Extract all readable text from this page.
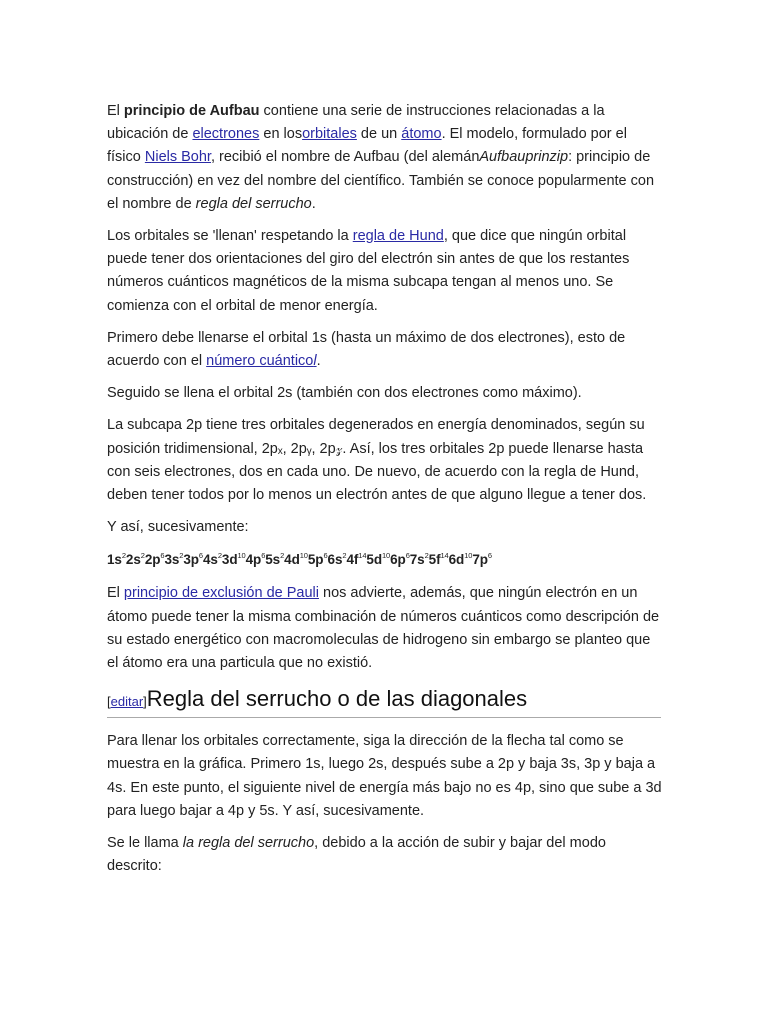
El principio de Aufbau contiene una serie de instrucciones relacionadas a la ubicación de electrones en losorbitales de un átomo. El modelo, formulado por el físico Niels Bohr, recibió el nombre de Aufbau (del alemánAufbauprinzip: principio de construcción) en vez del nombre del científico. También se conoce popularmente con el nombre de regla del serrucho.

Los orbitales se 'llenan' respetando la regla de Hund, que dice que ningún orbital puede tener dos orientaciones del giro del electrón sin antes de que los restantes números cuánticos magnéticos de la misma subcapa tengan al menos uno. Se comienza con el orbital de menor energía.

Primero debe llenarse el orbital 1s (hasta un máximo de dos electrones), esto de acuerdo con el número cuánticol.

Seguido se llena el orbital 2s (también con dos electrones como máximo).

La subcapa 2p tiene tres orbitales degenerados en energía denominados, según su posición tridimensional, 2pₓ, 2pᵧ, 2p𝓏. Así, los tres orbitales 2p puede llenarse hasta con seis electrones, dos en cada uno. De nuevo, de acuerdo con la regla de Hund, deben tener todos por lo menos un electrón antes de que alguno llegue a tener dos.

Y así, sucesivamente:

$1s^22s^22p^63s^23p^64s^23d^{10}4p^65s^24d^{10}5p^66s^24f^{14}5d^{10}6p^67s^25f^{14}6d^{10}7p^6$

El principio de exclusión de Pauli nos advierte, además, que ningún electrón en un átomo puede tener la misma combinación de números cuánticos como descripción de su estado energético con macromoleculas de hidrogeno sin embargo se planteo que el átomo era una particula que no existió.

[editar] Regla del serrucho o de las diagonales

Para llenar los orbitales correctamente, siga la dirección de la flecha tal como se muestra en la gráfica. Primero 1s, luego 2s, después sube a 2p y baja 3s, 3p y baja a 4s. En este punto, el siguiente nivel de energía más bajo no es 4p, sino que sube a 3d para luego bajar a 4p y 5s. Y así, sucesivamente.

Se le llama la regla del serrucho, debido a la acción de subir y bajar del modo descrito:
